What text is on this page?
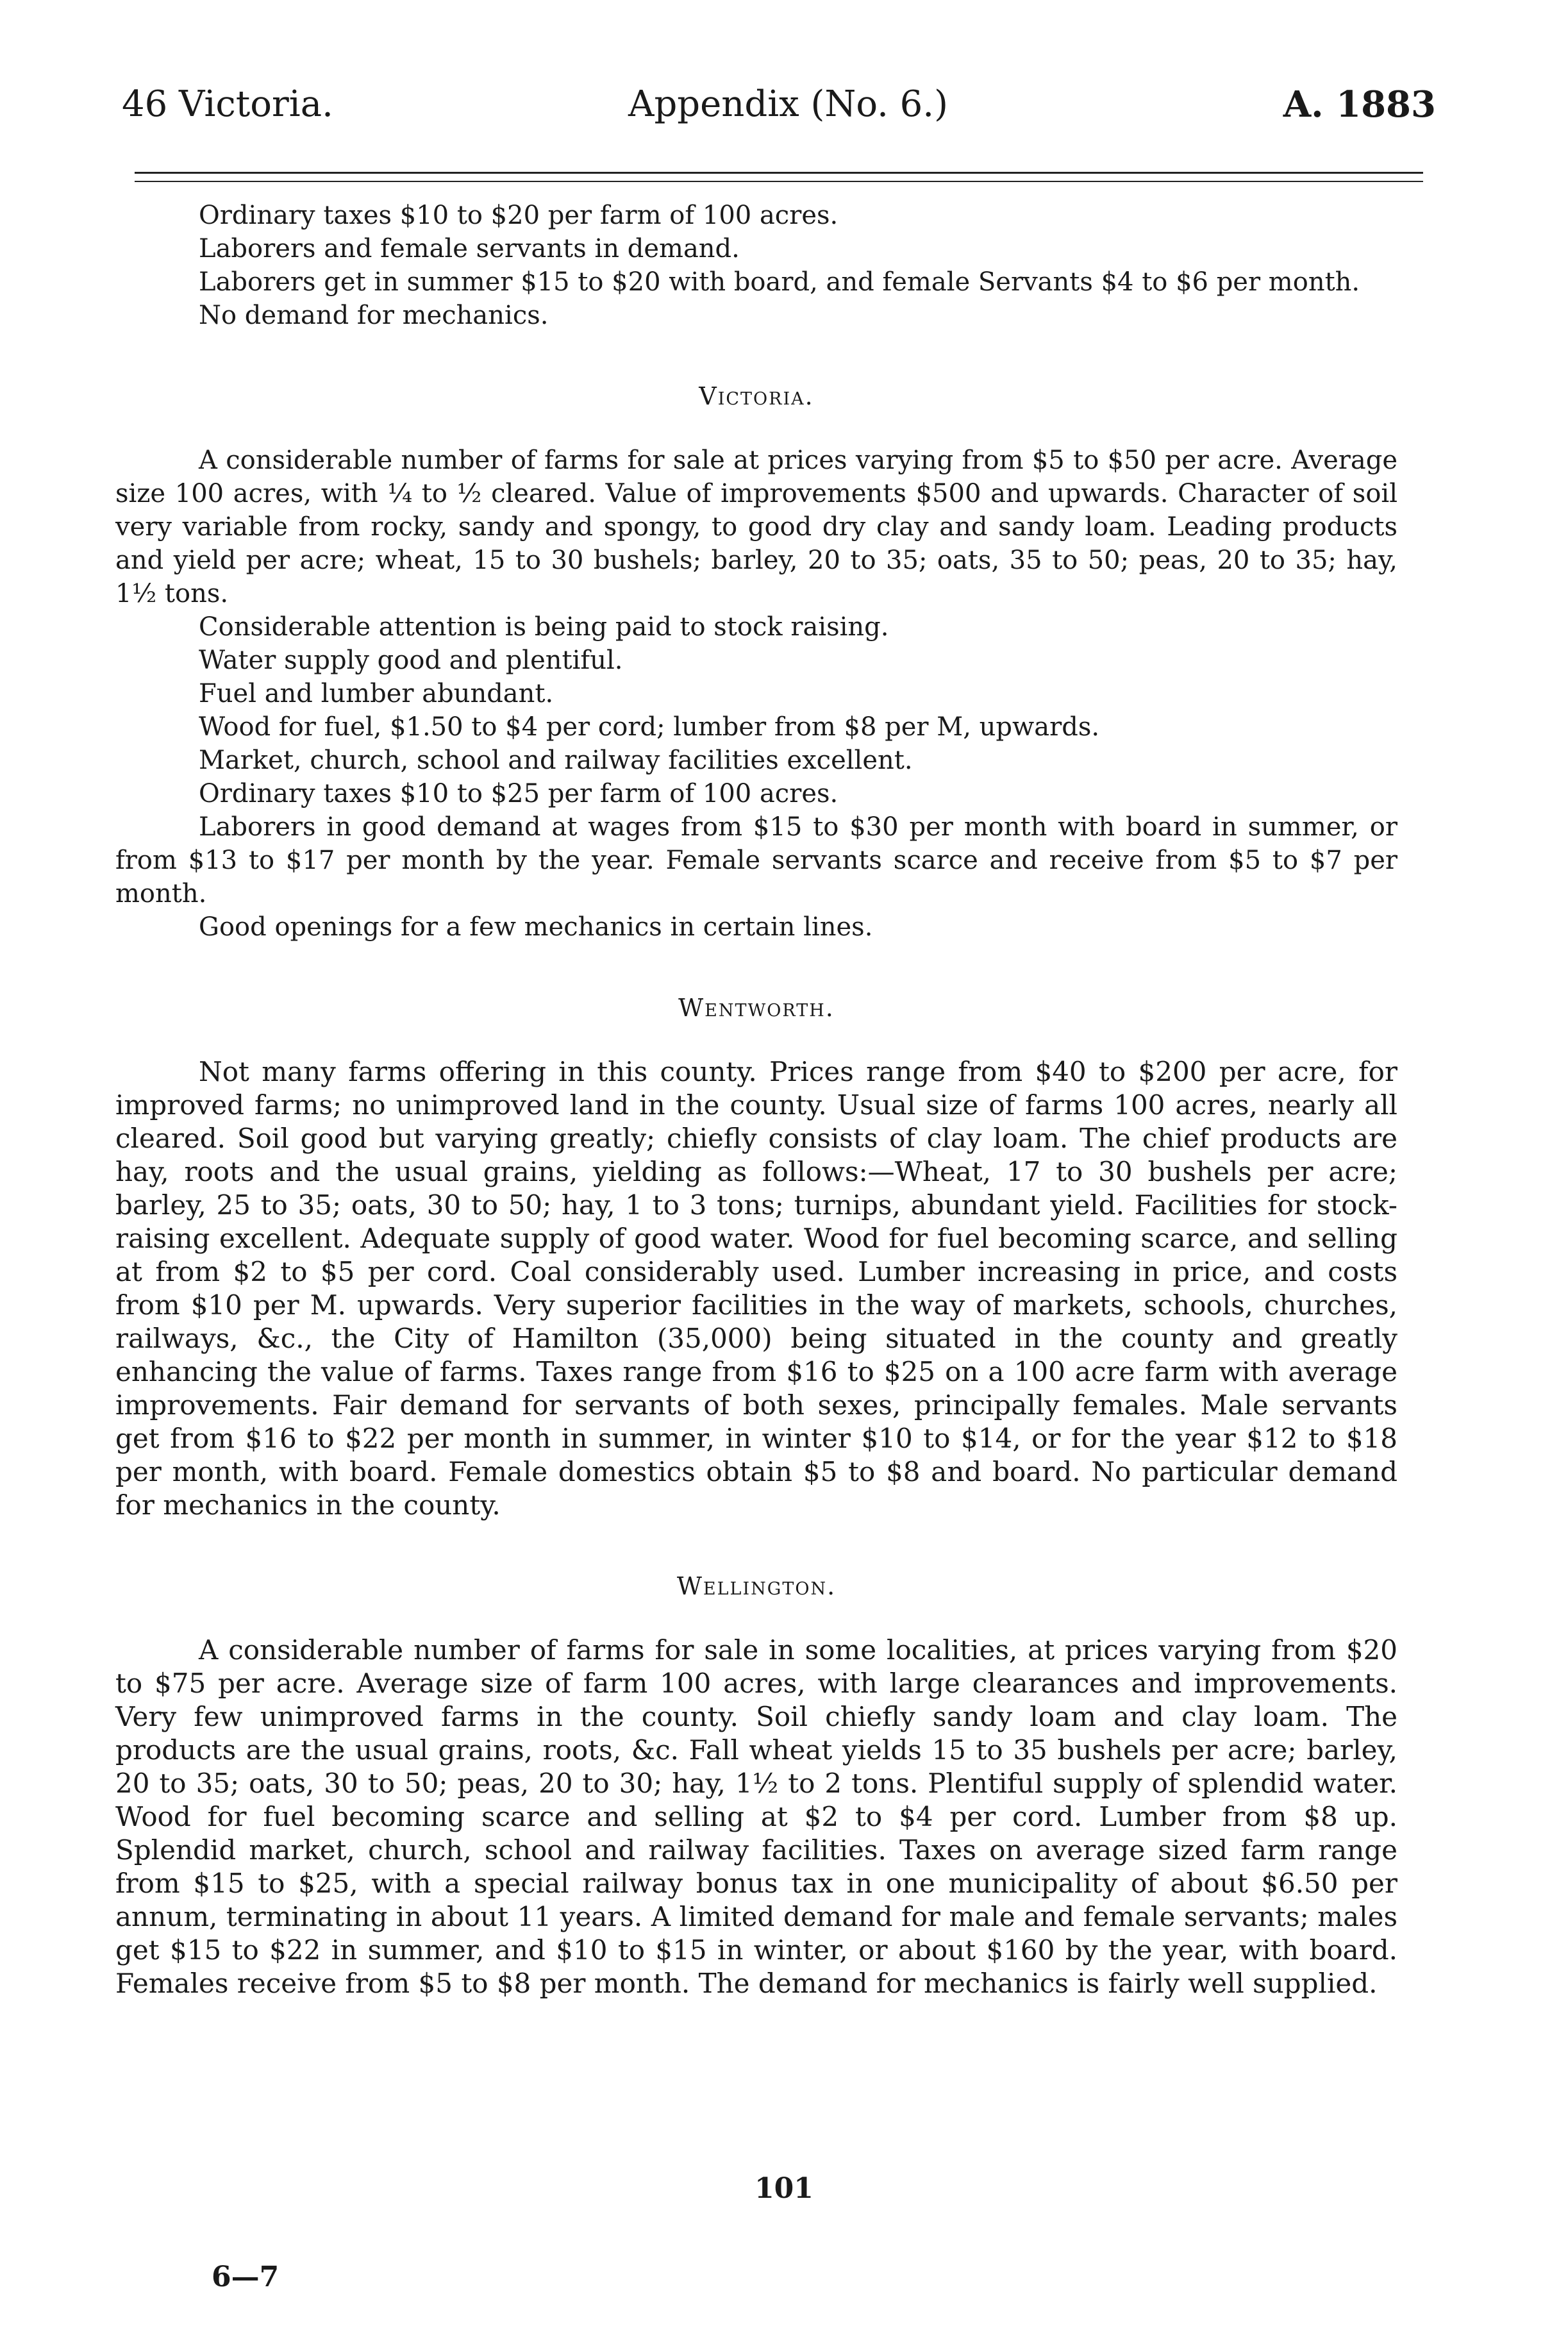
46 Victoria.	Appendix (No. 6.)	A. 1883

Ordinary taxes $10 to $20 per farm of 100 acres.

Laborers and female servants in demand.

Laborers get in summer $15 to $20 with board, and female Servants $4 to $6 per month.

No demand for mechanics.

Victoria.

A considerable number of farms for sale at prices varying from $5 to $50 per acre. Average size 100 acres, with ¼ to ½ cleared. Value of improvements $500 and upwards. Character of soil very variable from rocky, sandy and spongy, to good dry clay and sandy loam. Leading products and yield per acre; wheat, 15 to 30 bushels; barley, 20 to 35; oats, 35 to 50; peas, 20 to 35; hay, 1½ tons.

Considerable attention is being paid to stock raising.

Water supply good and plentiful.

Fuel and lumber abundant.

Wood for fuel, $1.50 to $4 per cord; lumber from $8 per M, upwards.

Market, church, school and railway facilities excellent.

Ordinary taxes $10 to $25 per farm of 100 acres.

Laborers in good demand at wages from $15 to $30 per month with board in summer, or from $13 to $17 per month by the year. Female servants scarce and receive from $5 to $7 per month.

Good openings for a few mechanics in certain lines.

Wentworth.

Not many farms offering in this county. Prices range from $40 to $200 per acre, for improved farms; no unimproved land in the county. Usual size of farms 100 acres, nearly all cleared. Soil good but varying greatly; chiefly consists of clay loam. The chief products are hay, roots and the usual grains, yielding as follows:—Wheat, 17 to 30 bushels per acre; barley, 25 to 35; oats, 30 to 50; hay, 1 to 3 tons; turnips, abundant yield. Facilities for stock-raising excellent. Adequate supply of good water. Wood for fuel becoming scarce, and selling at from $2 to $5 per cord. Coal considerably used. Lumber increasing in price, and costs from $10 per M. upwards. Very superior facilities in the way of markets, schools, churches, railways, &c., the City of Hamilton (35,000) being situated in the county and greatly enhancing the value of farms. Taxes range from $16 to $25 on a 100 acre farm with average improvements. Fair demand for servants of both sexes, principally females. Male servants get from $16 to $22 per month in summer, in winter $10 to $14, or for the year $12 to $18 per month, with board. Female domestics obtain $5 to $8 and board. No particular demand for mechanics in the county.

Wellington.

A considerable number of farms for sale in some localities, at prices varying from $20 to $75 per acre. Average size of farm 100 acres, with large clearances and improvements. Very few unimproved farms in the county. Soil chiefly sandy loam and clay loam. The products are the usual grains, roots, &c. Fall wheat yields 15 to 35 bushels per acre; barley, 20 to 35; oats, 30 to 50; peas, 20 to 30; hay, 1½ to 2 tons. Plentiful supply of splendid water. Wood for fuel becoming scarce and selling at $2 to $4 per cord. Lumber from $8 up. Splendid market, church, school and railway facilities. Taxes on average sized farm range from $15 to $25, with a special railway bonus tax in one municipality of about $6.50 per annum, terminating in about 11 years. A limited demand for male and female servants; males get $15 to $22 in summer, and $10 to $15 in winter, or about $160 by the year, with board. Females receive from $5 to $8 per month. The demand for mechanics is fairly well supplied.

101
6—7
